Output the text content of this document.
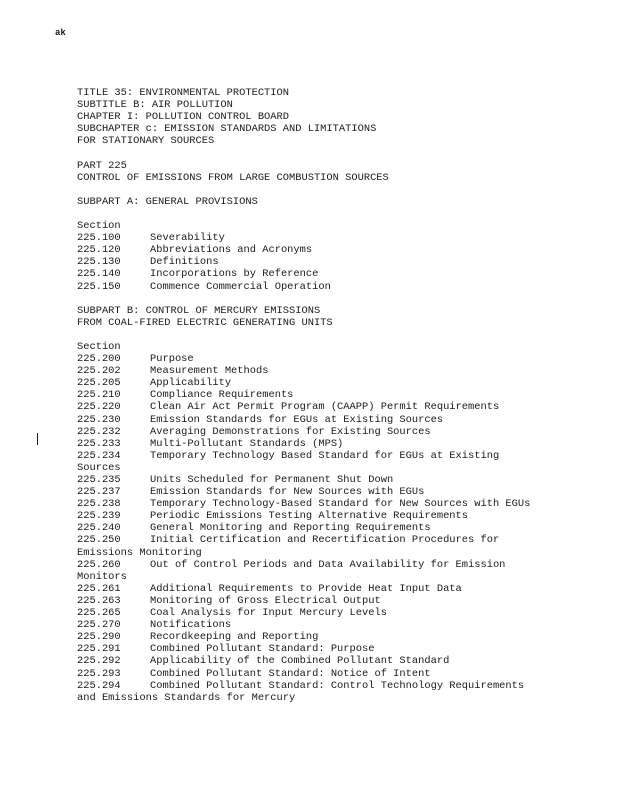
ak
TITLE 35: ENVIRONMENTAL PROTECTION
SUBTITLE B: AIR POLLUTION
CHAPTER I: POLLUTION CONTROL BOARD
SUBCHAPTER c: EMISSION STANDARDS AND LIMITATIONS
FOR STATIONARY SOURCES
PART 225
CONTROL OF EMISSIONS FROM LARGE COMBUSTION SOURCES
SUBPART A: GENERAL PROVISIONS
Section
225.100	Severability
225.120	Abbreviations and Acronyms
225.130	Definitions
225.140	Incorporations by Reference
225.150	Commence Commercial Operation
SUBPART B: CONTROL OF MERCURY EMISSIONS
FROM COAL-FIRED ELECTRIC GENERATING UNITS
Section
225.200	Purpose
225.202	Measurement Methods
225.205	Applicability
225.210	Compliance Requirements
225.220	Clean Air Act Permit Program (CAAPP) Permit Requirements
225.230	Emission Standards for EGUs at Existing Sources
225.232	Averaging Demonstrations for Existing Sources
225.233	Multi-Pollutant Standards (MPS)
225.234	Temporary Technology Based Standard for EGUs at Existing
Sources
225.235	Units Scheduled for Permanent Shut Down
225.237	Emission Standards for New Sources with EGUs
225.238	Temporary Technology-Based Standard for New Sources with EGUs
225.239	Periodic Emissions Testing Alternative Requirements
225.240	General Monitoring and Reporting Requirements
225.250	Initial Certification and Recertification Procedures for
Emissions Monitoring
225.260	Out of Control Periods and Data Availability for Emission
Monitors
225.261	Additional Requirements to Provide Heat Input Data
225.263	Monitoring of Gross Electrical Output
225.265	Coal Analysis for Input Mercury Levels
225.270	Notifications
225.290	Recordkeeping and Reporting
225.291	Combined Pollutant Standard: Purpose
225.292	Applicability of the Combined Pollutant Standard
225.293	Combined Pollutant Standard: Notice of Intent
225.294	Combined Pollutant Standard: Control Technology Requirements
and Emissions Standards for Mercury
